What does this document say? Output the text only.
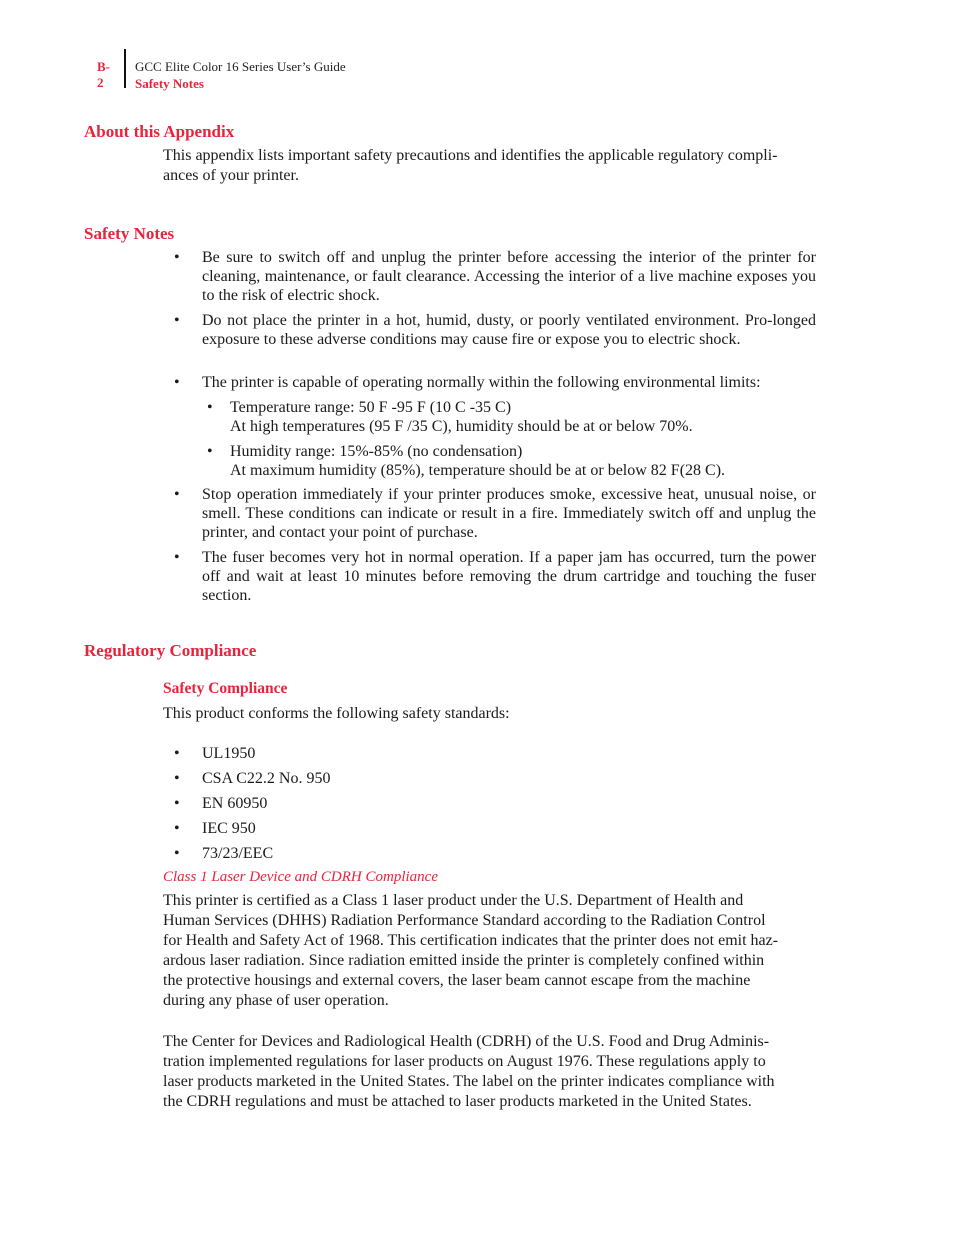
B-2
GCC Elite Color 16 Series User’s Guide
Safety Notes
About this Appendix
This appendix lists important safety precautions and identifies the applicable regulatory compli-
ances of your printer.
Safety Notes
• Be sure to switch off and unplug the printer before accessing the interior of the printer for cleaning, maintenance, or fault clearance. Accessing the interior of a live machine exposes you to the risk of electric shock.
• Do not place the printer in a hot, humid, dusty, or poorly ventilated environment. Pro-longed exposure to these adverse conditions may cause fire or expose you to electric shock.
• The printer is capable of operating normally within the following environmental limits:
• Temperature range: 50 F -95 F (10 C -35 C)
At high temperatures (95 F /35 C), humidity should be at or below 70%.
• Humidity range: 15%-85% (no condensation)
At maximum humidity (85%), temperature should be at or below 82 F(28 C).
• Stop operation immediately if your printer produces smoke, excessive heat, unusual noise, or smell. These conditions can indicate or result in a fire. Immediately switch off and unplug the printer, and contact your point of purchase.
• The fuser becomes very hot in normal operation. If a paper jam has occurred, turn the power off and wait at least 10 minutes before removing the drum cartridge and touching the fuser section.
Regulatory Compliance
Safety Compliance
This product conforms the following safety standards:
• UL1950
• CSA C22.2 No. 950
• EN 60950
• IEC 950
• 73/23/EEC
Class 1 Laser Device and CDRH Compliance
This printer is certified as a Class 1 laser product under the U.S. Department of Health and
Human Services (DHHS) Radiation Performance Standard according to the Radiation Control
for Health and Safety Act of 1968. This certification indicates that the printer does not emit haz-
ardous laser radiation. Since radiation emitted inside the printer is completely confined within
the protective housings and external covers, the laser beam cannot escape from the machine
during any phase of user operation.
The Center for Devices and Radiological Health (CDRH) of the U.S. Food and Drug Adminis-
tration implemented regulations for laser products on August 1976. These regulations apply to
laser products marketed in the United States. The label on the printer indicates compliance with
the CDRH regulations and must be attached to laser products marketed in the United States.
